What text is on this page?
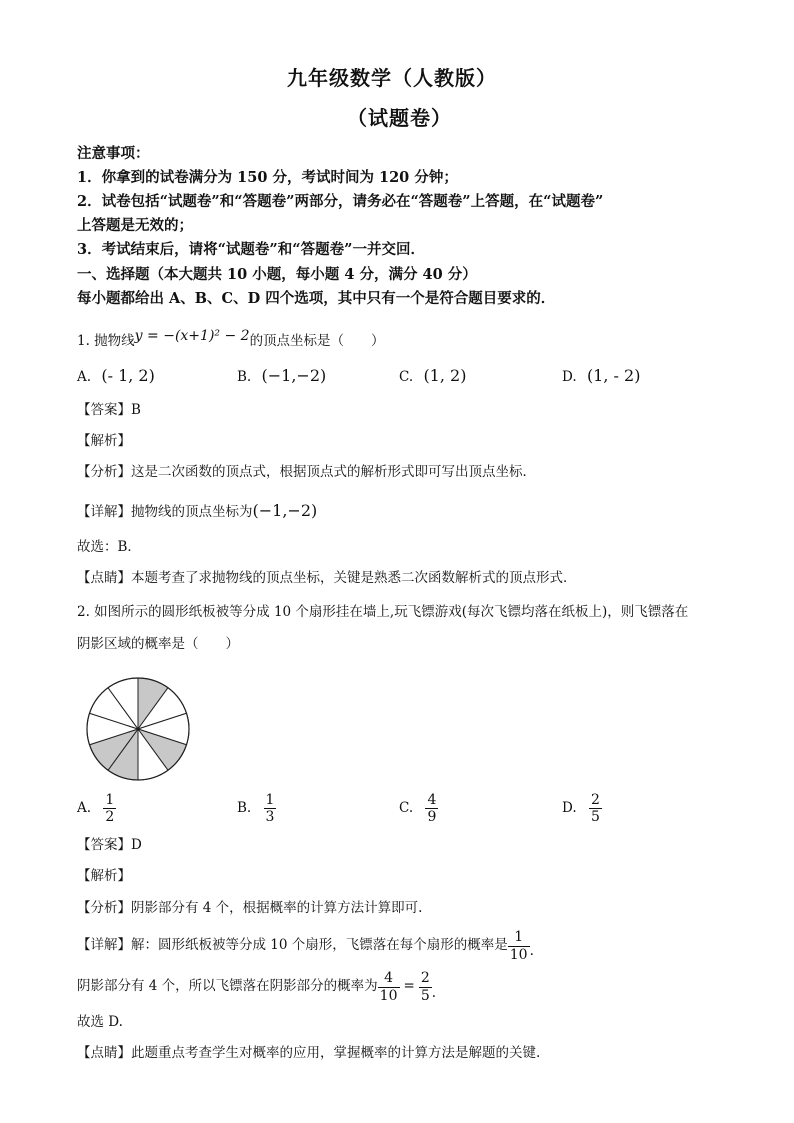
九年级数学（人教版）
（试题卷）
注意事项：
1．你拿到的试卷满分为 150 分，考试时间为 120 分钟；
2．试卷包括“试题卷”和“答题卷”两部分，请务必在“答题卷”上答题，在“试题卷”
上答题是无效的；
3．考试结束后，请将“试题卷”和“答题卷”一并交回．
一、选择题（本大题共 10 小题，每小题 4 分，满分 40 分）
每小题都给出 A、B、C、D 四个选项，其中只有一个是符合题目要求的．
1. 抛物线y = −(x+1)² − 2的顶点坐标是（　　）
A. (- 1, 2)	B. (−1,−2)	C. (1, 2)	D. (1, - 2)
【答案】B
【解析】
【分析】这是二次函数的顶点式，根据顶点式的解析形式即可写出顶点坐标．
【详解】抛物线的顶点坐标为(−1,−2)
故选：B．
【点睛】本题考查了求抛物线的顶点坐标，关键是熟悉二次函数解析式的顶点形式．
2. 如图所示的圆形纸板被等分成 10 个扇形挂在墙上,玩飞镖游戏(每次飞镖均落在纸板上)，则飞镖落在
阴影区域的概率是（　　）
A. $\frac{1}{2}$	B. $\frac{1}{3}$	C. $\frac{4}{9}$	D. $\frac{2}{5}$
【答案】D
【解析】
【分析】阴影部分有 4 个，根据概率的计算方法计算即可.
【详解】解：圆形纸板被等分成 10 个扇形，飞镖落在每个扇形的概率是 $\frac{1}{10}$ .
阴影部分有 4 个，所以飞镖落在阴影部分的概率为 $\frac{4}{10} = \frac{2}{5}$ .
故选 D.
【点睛】此题重点考查学生对概率的应用，掌握概率的计算方法是解题的关键.
